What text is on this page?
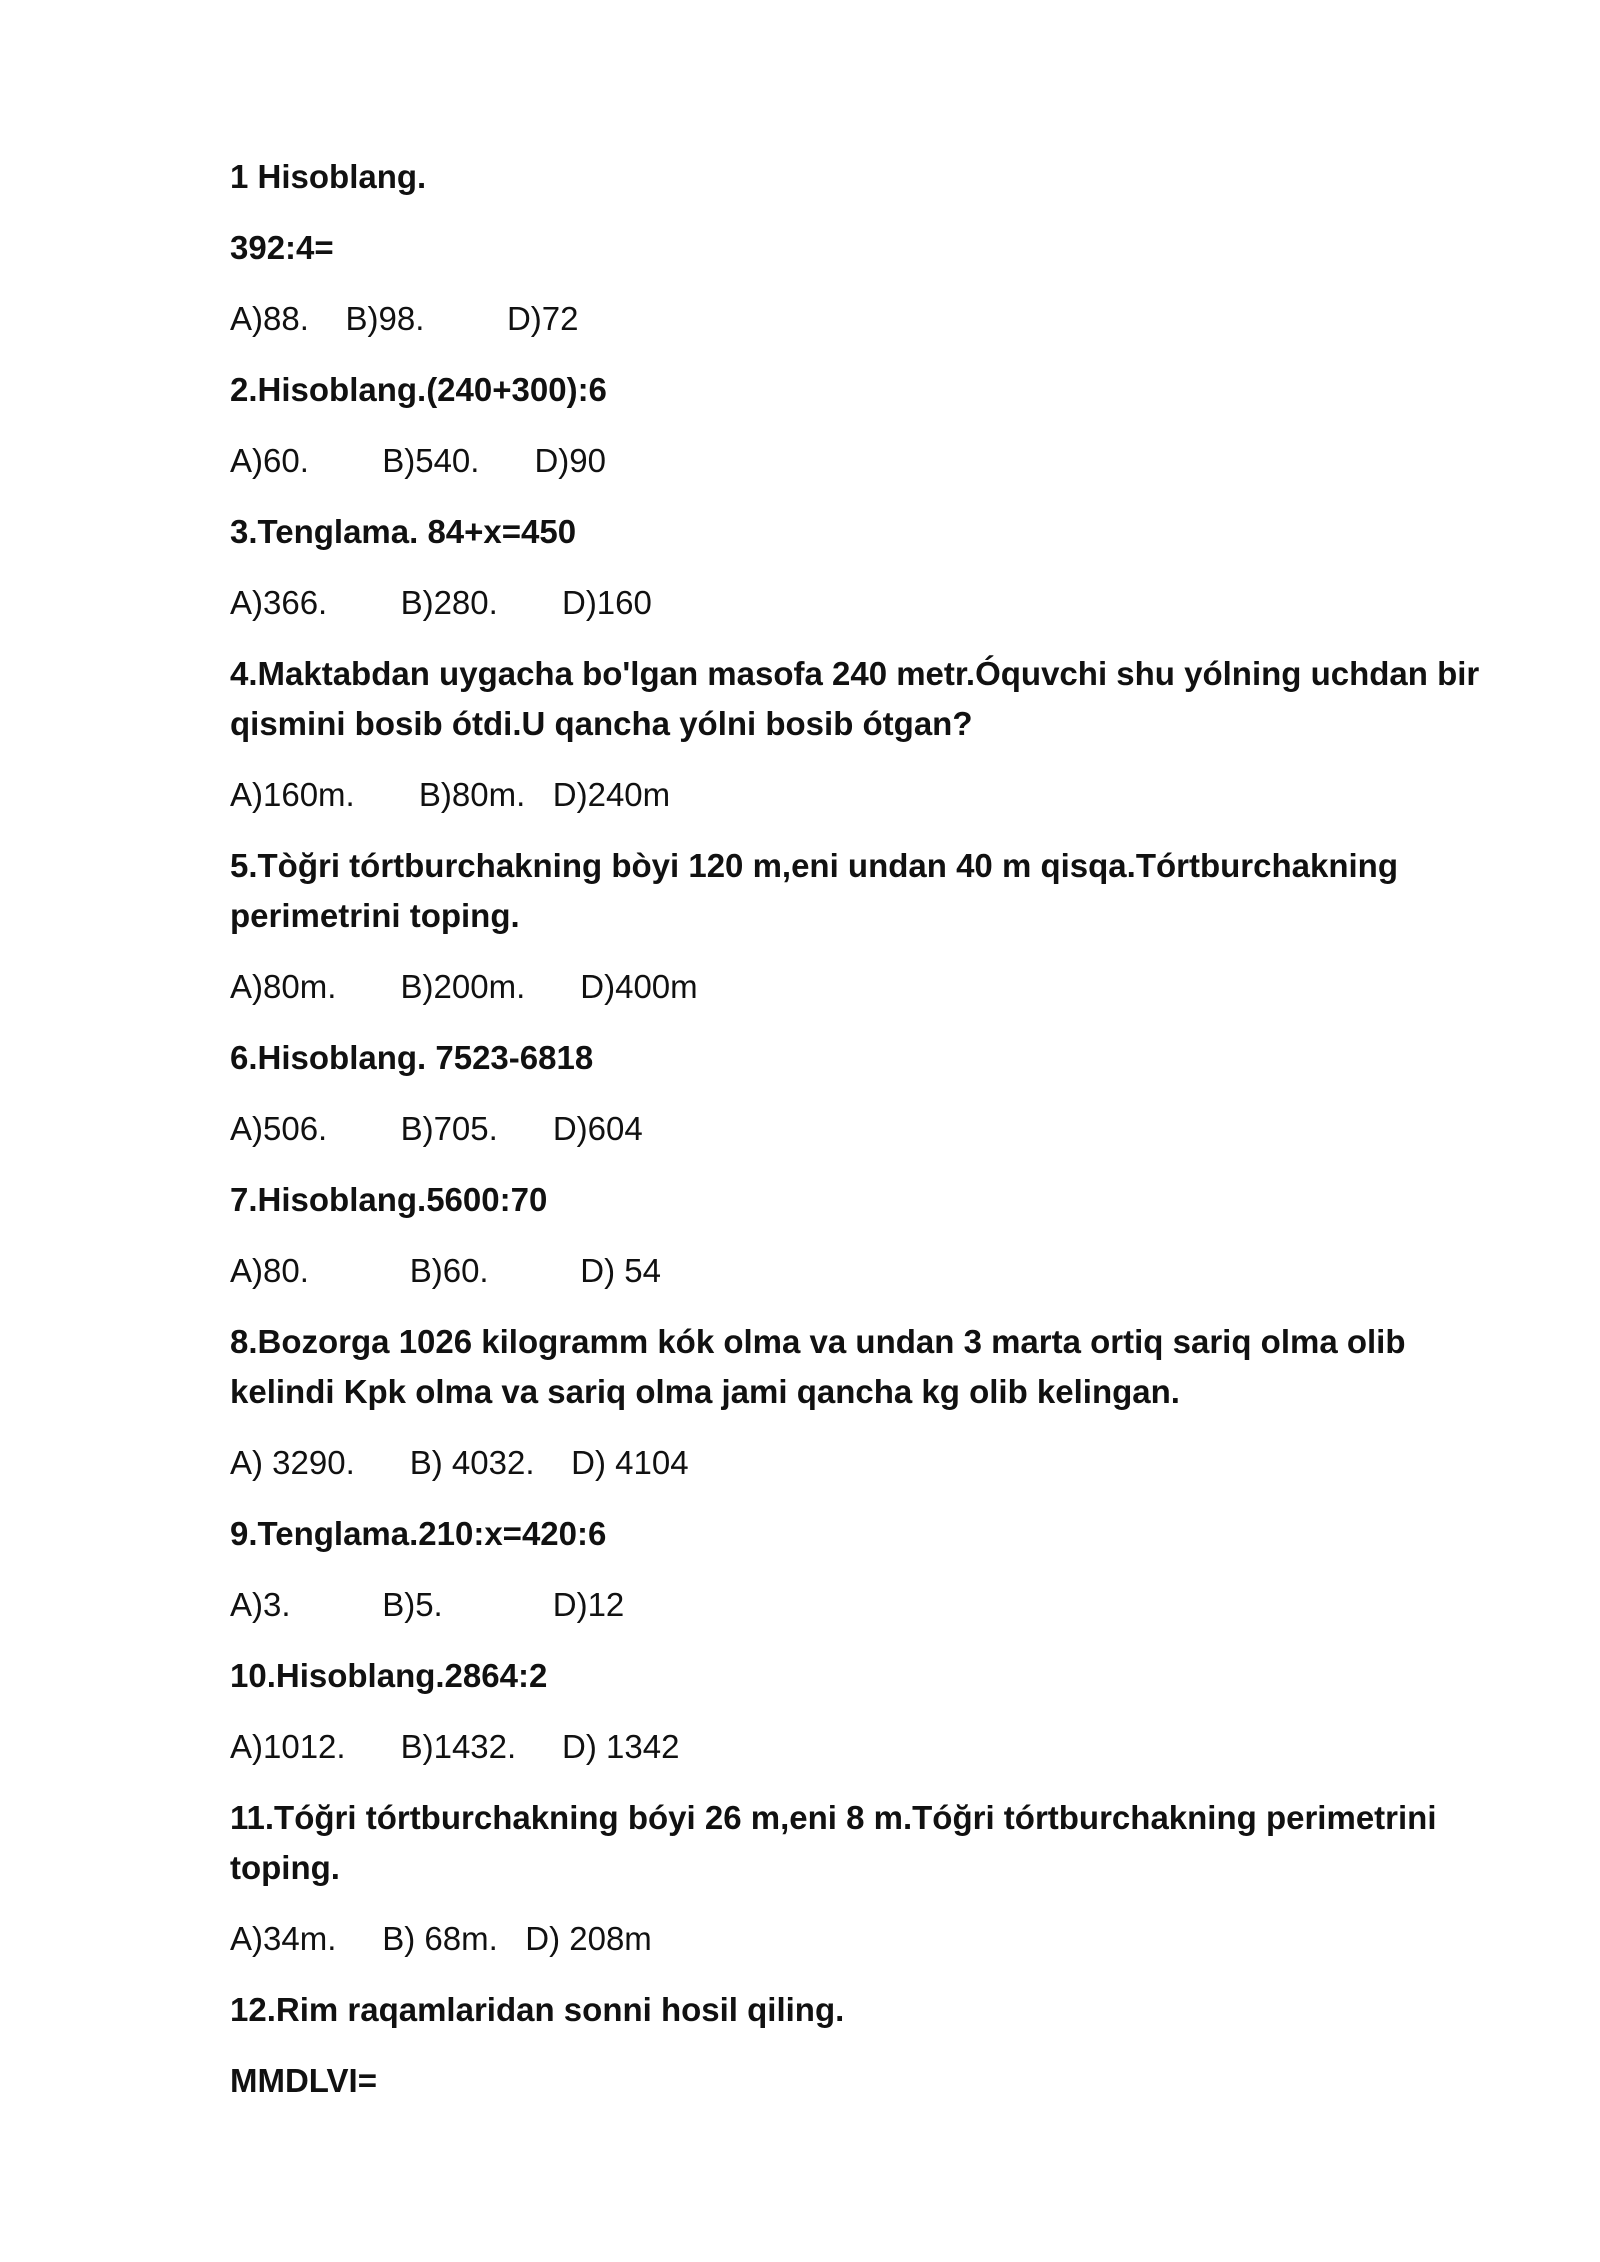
1 Hisoblang.

392:4=

A)88.    B)98.         D)72

2.Hisoblang.(240+300):6

A)60.        B)540.      D)90

3.Tenglama. 84+x=450

A)366.        B)280.       D)160

4.Maktabdan uygacha bo'lgan masofa 240 metr.Óquvchi shu yólning uchdan bir qismini bosib ótdi.U qancha yólni bosib ótgan?

A)160m.       B)80m.   D)240m

5.Tòğri tórtburchakning bòyi 120 m,eni undan 40 m qisqa.Tórtburchakning perimetrini toping.

A)80m.       B)200m.      D)400m

6.Hisoblang. 7523-6818

A)506.        B)705.      D)604

7.Hisoblang.5600:70

A)80.           B)60.          D) 54

8.Bozorga 1026 kilogramm kók olma va undan 3 marta ortiq sariq olma olib kelindi Kpk olma va sariq olma jami qancha kg olib kelingan.

A) 3290.      B) 4032.    D) 4104

9.Tenglama.210:x=420:6

A)3.          B)5.            D)12

10.Hisoblang.2864:2

A)1012.      B)1432.     D) 1342

11.Tóğri tórtburchakning bóyi 26 m,eni 8 m.Tóğri tórtburchakning perimetrini toping.

A)34m.     B) 68m.   D) 208m

12.Rim raqamlaridan sonni hosil qiling.

MMDLVI=
